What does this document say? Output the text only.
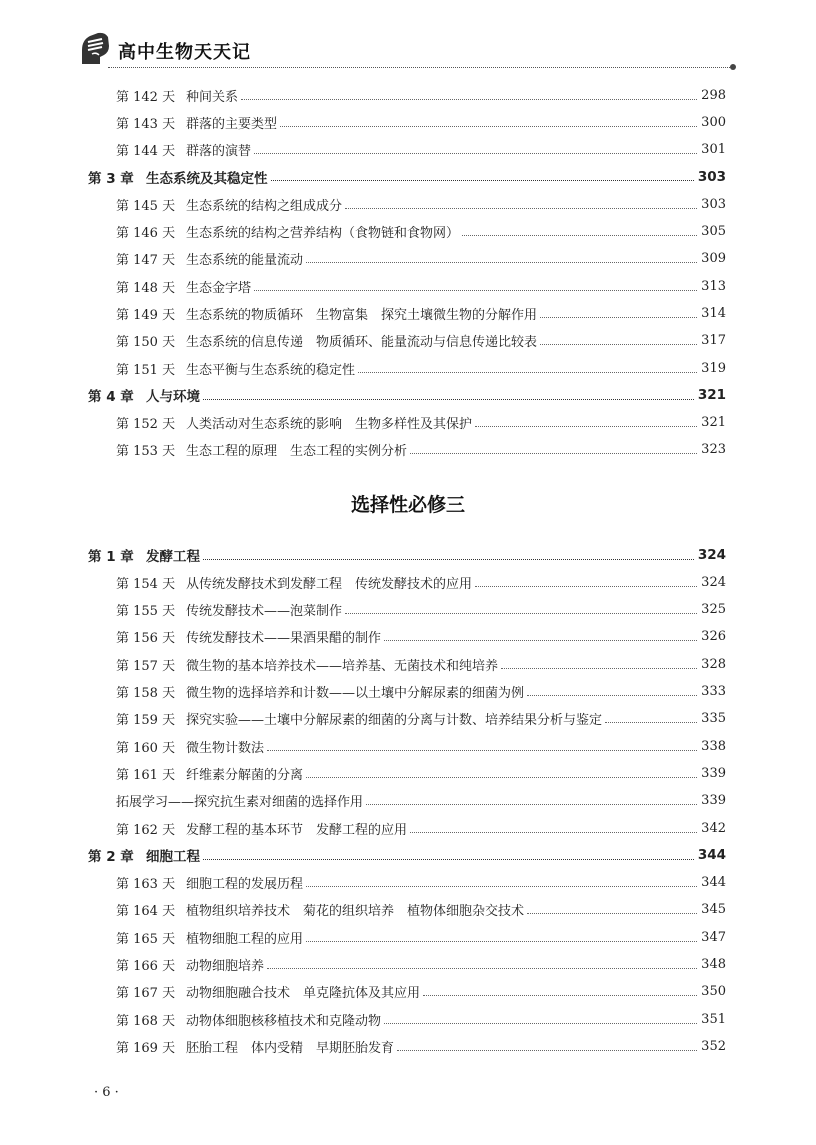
高中生物天天记
第 142 天 种间关系	298
第 143 天 群落的主要类型	300
第 144 天 群落的演替	301
第 3 章 生态系统及其稳定性	303
第 145 天 生态系统的结构之组成成分	303
第 146 天 生态系统的结构之营养结构（食物链和食物网）	305
第 147 天 生态系统的能量流动	309
第 148 天 生态金字塔	313
第 149 天 生态系统的物质循环　生物富集　探究土壤微生物的分解作用	314
第 150 天 生态系统的信息传递　物质循环、能量流动与信息传递比较表	317
第 151 天 生态平衡与生态系统的稳定性	319
第 4 章 人与环境	321
第 152 天 人类活动对生态系统的影响　生物多样性及其保护	321
第 153 天 生态工程的原理　生态工程的实例分析	323
第 1 章 发酵工程	324
第 154 天 从传统发酵技术到发酵工程　传统发酵技术的应用	324
第 155 天 传统发酵技术——泡菜制作	325
第 156 天 传统发酵技术——果酒果醋的制作	326
第 157 天 微生物的基本培养技术——培养基、无菌技术和纯培养	328
第 158 天 微生物的选择培养和计数——以土壤中分解尿素的细菌为例	333
第 159 天 探究实验——土壤中分解尿素的细菌的分离与计数、培养结果分析与鉴定	335
第 160 天 微生物计数法	338
第 161 天 纤维素分解菌的分离	339
拓展学习——探究抗生素对细菌的选择作用	339
第 162 天 发酵工程的基本环节　发酵工程的应用	342
第 2 章 细胞工程	344
第 163 天 细胞工程的发展历程	344
第 164 天 植物组织培养技术　菊花的组织培养　植物体细胞杂交技术	345
第 165 天 植物细胞工程的应用	347
第 166 天 动物细胞培养	348
第 167 天 动物细胞融合技术　单克隆抗体及其应用	350
第 168 天 动物体细胞核移植技术和克隆动物	351
第 169 天 胚胎工程　体内受精　早期胚胎发育	352
选择性必修三
· 6 ·
